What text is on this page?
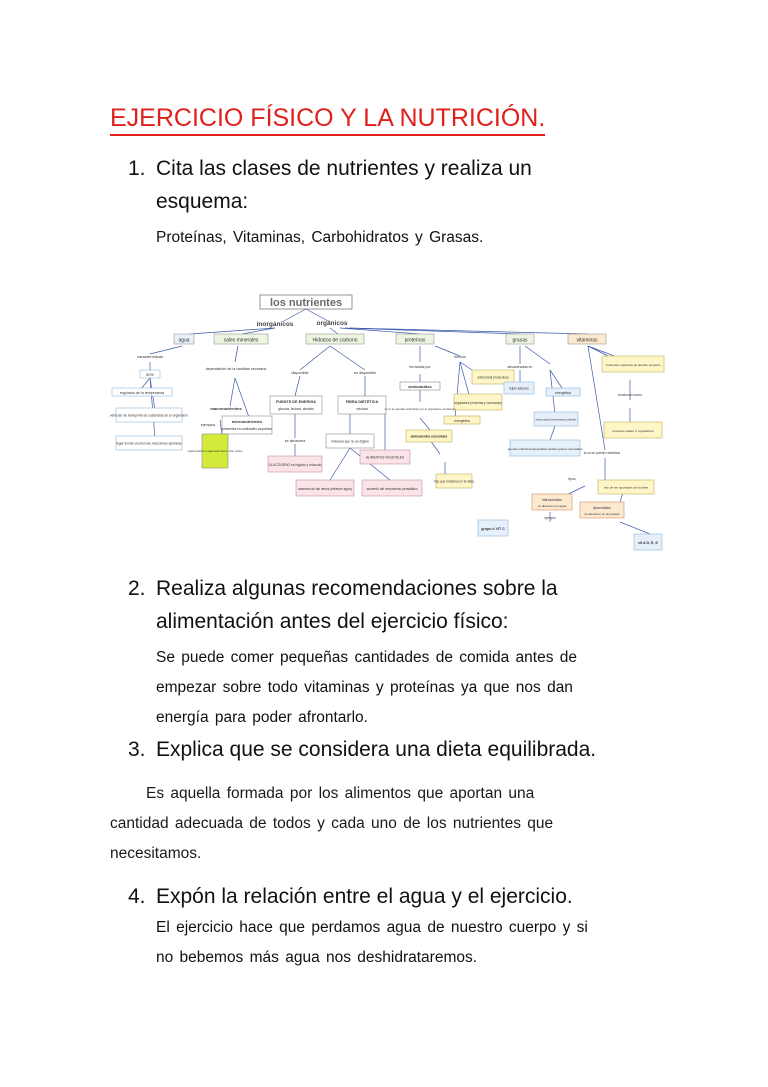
EJERCICIO FÍSICO Y LA NUTRICIÓN.
1. Cita las clases de nutrientes y realiza un
esquema:
Proteínas, Vitaminas, Carbohidratos y Grasas.
los nutrientes
inorgánicos	orgánicos
agua	sales minerales	Hidratos de carbono	proteínas	grasas	vitaminas
características
50%
regulador de la temperatura
vehículo de transporte de sustancias en el organismo
lugar donde ocurren las reacciones químicas
dependiendo de la cantidad necesaria
macronutrientes
micronutrientes
presentes en cantidades pequeñas
ejemplos
calcio fósforo magnesio hierro zinc cobre
disponible	no disponible
FUENTE DE ENERGÍA
glucosa, lactosa, almidón
FIBRA DIETÉTICA
celulosa
se almacena
GLUCÓGENO en hígado y músculo
molécula que no se digiere
ALIMENTOS VEGETALES
aumento de las heces (retienen agua)	aumento del movimiento peristáltico
formadas por
aminoácidos
función
estructural (músculos)
reguladora (enzimas y hormonas)
energética
si no se pueden sintetizar por el organismo se llaman
aminoácidos esenciales
hay que tomarlos en la dieta
almacenadas en
tejido adiposo
energética
estructural (membrana celular)
aportan vitaminas liposolubles ácidos grasos esenciales
moléculas orgánicas de tamaño pequeño
funcionan como
procesos vitales (f. reguladora)
si no se pueden sintetizar
han de ser aportadas por la dieta
tipos
hidrosolubles
se disuelven en agua	liposolubles
se disuelven en las grasas
ejemplo
grupo b VIT C
vit A D, E, K
2. Realiza algunas recomendaciones sobre la
alimentación antes del ejercicio físico:
Se puede comer pequeñas cantidades de comida antes de
empezar sobre todo vitaminas y proteínas ya que nos dan
energía para poder afrontarlo.
3. Explica que se considera una dieta equilibrada.
Es aquella formada por los alimentos que aportan una
cantidad adecuada de todos y cada uno de los nutrientes que
necesitamos.
4. Expón la relación entre el agua y el ejercicio.
El ejercicio hace que perdamos agua de nuestro cuerpo y si
no bebemos más agua nos deshidrataremos.
